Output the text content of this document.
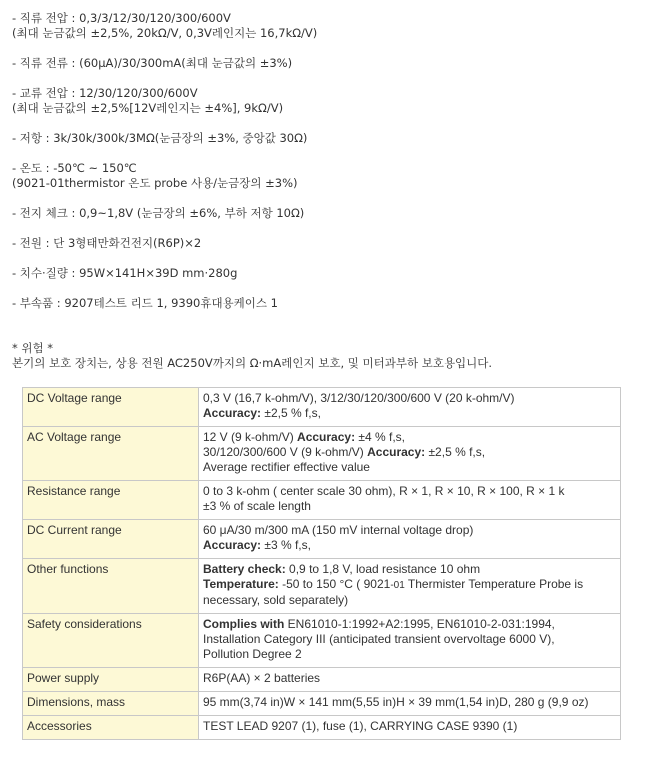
- 직류 전압 : 0,3/3/12/30/120/300/600V
(최대 눈금값의 ±2,5%, 20kΩ/V, 0,3V레인지는 16,7kΩ/V)
- 직류 전류 : (60μA)/30/300mA(최대 눈금값의 ±3%)
- 교류 전압 : 12/30/120/300/600V
(최대 눈금값의 ±2,5%[12V레인지는 ±4%], 9kΩ/V)
- 저항 : 3k/30k/300k/3MΩ(눈금장의 ±3%, 중앙값 30Ω)
- 온도 : -50℃ ~ 150℃
(9021-01thermistor 온도 probe 사용/눈금장의 ±3%)
- 전지 체크 : 0,9~1,8V (눈금장의 ±6%, 부하 저항 10Ω)
- 전원 : 단 3형태만화건전지(R6P)×2
- 치수·질량 : 95W×141H×39D mm·280g
- 부속품 : 9207테스트 리드 1, 9390휴대용케이스 1
* 위험 *
본기의 보호 장치는, 상용 전원 AC250V까지의 Ω·mA레인지 보호, 및 미터과부하 보호용입니다.
DC Voltage range	0,3 V (16,7 k-ohm/V), 3/12/30/120/300/600 V (20 k-ohm/V)
Accuracy: ±2,5 % f,s,

AC Voltage range	12 V (9 k-ohm/V) Accuracy: ±4 % f,s,
30/120/300/600 V (9 k-ohm/V) Accuracy: ±2,5 % f,s,
Average rectifier effective value

Resistance range	0 to 3 k-ohm ( center scale 30 ohm), R × 1, R × 10, R × 100, R × 1 k
±3 % of scale length

DC Current range	60 μA/30 m/300 mA (150 mV internal voltage drop)
Accuracy: ±3 % f,s,

Other functions	Battery check: 0,9 to 1,8 V, load resistance 10 ohm
Temperature: -50 to 150 °C ( 9021-01 Thermister Temperature Probe is necessary, sold separately)

Safety considerations	Complies with EN61010-1:1992+A2:1995, EN61010-2-031:1994,
Installation Category III (anticipated transient overvoltage 6000 V),
Pollution Degree 2

Power supply	R6P(AA) × 2 batteries
Dimensions, mass	95 mm(3,74 in)W × 141 mm(5,55 in)H × 39 mm(1,54 in)D, 280 g (9,9 oz)
Accessories	TEST LEAD 9207 (1), fuse (1), CARRYING CASE 9390 (1)
